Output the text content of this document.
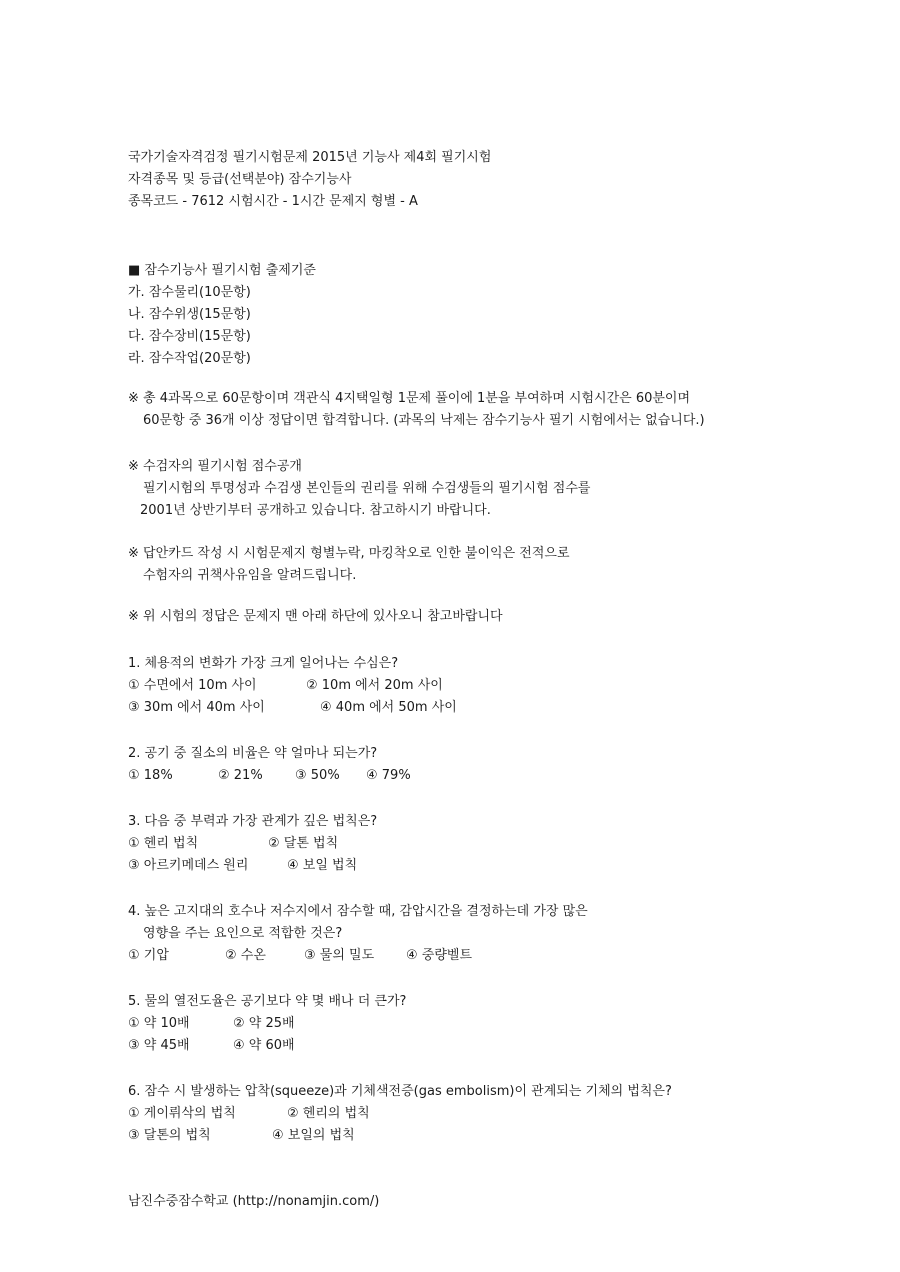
국가기술자격검정 필기시험문제 2015년 기능사 제4회 필기시험
자격종목 및 등급(선택분야) 잠수기능사
종목코드 - 7612 시험시간 - 1시간 문제지 형별 - A
■ 잠수기능사 필기시험 출제기준
가. 잠수물리(10문항)
나. 잠수위생(15문항)
다. 잠수장비(15문항)
라. 잠수작업(20문항)
※ 총 4과목으로 60문항이며 객관식 4지택일형 1문제 풀이에 1분을 부여하며 시험시간은 60분이며
60문항 중 36개 이상 정답이면 합격합니다. (과목의 낙제는 잠수기능사 필기 시험에서는 없습니다.)
※ 수검자의 필기시험 점수공개
필기시험의 투명성과 수검생 본인들의 권리를 위해 수검생들의 필기시험 점수를
2001년 상반기부터 공개하고 있습니다. 참고하시기 바랍니다.
※ 답안카드 작성 시 시험문제지 형별누락, 마킹착오로 인한 불이익은 전적으로
수험자의 귀책사유임을 알려드립니다.
※ 위 시험의 정답은 문제지 맨 아래 하단에 있사오니 참고바랍니다
1. 체용적의 변화가 가장 크게 일어나는 수심은?
① 수면에서 10m 사이	② 10m 에서 20m 사이
③ 30m 에서 40m 사이	④ 40m 에서 50m 사이
2. 공기 중 질소의 비율은 약 얼마나 되는가?
① 18%	② 21% ③ 50% ④ 79%
3. 다음 중 부력과 가장 관계가 깊은 법칙은?
① 헨리 법칙	② 달톤 법칙
③ 아르키메데스 원리	④ 보일 법칙
4. 높은 고지대의 호수나 저수지에서 잠수할 때, 감압시간을 결정하는데 가장 많은
영향을 주는 요인으로 적합한 것은?
① 기압	② 수온	③ 물의 밀도 ④ 중량벨트
5. 물의 열전도율은 공기보다 약 몇 배나 더 큰가?
① 약 10배	② 약 25배
③ 약 45배	④ 약 60배
6. 잠수 시 발생하는 압착(squeeze)과 기체색전증(gas embolism)이 관계되는 기체의 법칙은?
① 게이뤼삭의 법칙	② 헨리의 법칙
③ 달톤의 법칙	④ 보일의 법칙
남진수중잠수학교 (http://nonamjin.com/)
